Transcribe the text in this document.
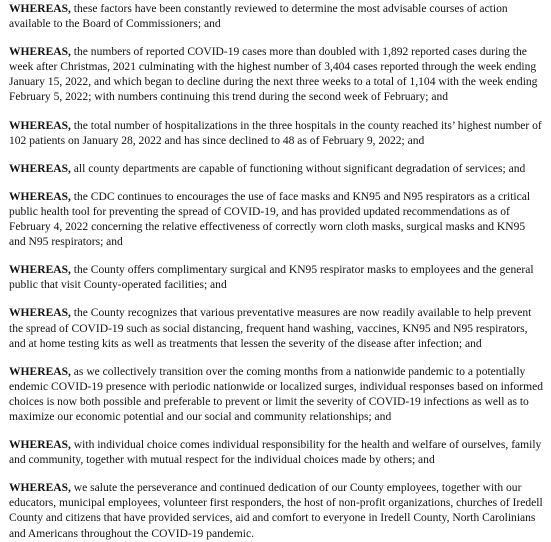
WHEREAS, these factors have been constantly reviewed to determine the most advisable courses of action available to the Board of Commissioners; and

WHEREAS, the numbers of reported COVID-19 cases more than doubled with 1,892 reported cases during the week after Christmas, 2021 culminating with the highest number of 3,404 cases reported through the week ending January 15, 2022, and which began to decline during the next three weeks to a total of 1,104 with the week ending February 5, 2022; with numbers continuing this trend during the second week of February; and

WHEREAS, the total number of hospitalizations in the three hospitals in the county reached its’ highest number of 102 patients on January 28, 2022 and has since declined to 48 as of February 9, 2022; and

WHEREAS, all county departments are capable of functioning without significant degradation of services; and

WHEREAS, the CDC continues to encourages the use of face masks and KN95 and N95 respirators as a critical public health tool for preventing the spread of COVID-19, and has provided updated recommendations as of February 4, 2022 concerning the relative effectiveness of correctly worn cloth masks, surgical masks and KN95 and N95 respirators; and

WHEREAS, the County offers complimentary surgical and KN95 respirator masks to employees and the general public that visit County-operated facilities; and

WHEREAS, the County recognizes that various preventative measures are now readily available to help prevent the spread of COVID-19 such as social distancing, frequent hand washing, vaccines, KN95 and N95 respirators, and at home testing kits as well as treatments that lessen the severity of the disease after infection; and

WHEREAS, as we collectively transition over the coming months from a nationwide pandemic to a potentially endemic COVID-19 presence with periodic nationwide or localized surges, individual responses based on informed choices is now both possible and preferable to prevent or limit the severity of COVID-19 infections as well as to maximize our economic potential and our social and community relationships; and

WHEREAS, with individual choice comes individual responsibility for the health and welfare of ourselves, family and community, together with mutual respect for the individual choices made by others; and

WHEREAS, we salute the perseverance and continued dedication of our County employees, together with our educators, municipal employees, volunteer first responders, the host of non-profit organizations, churches of Iredell County and citizens that have provided services, aid and comfort to everyone in Iredell County, North Carolinians and Americans throughout the COVID-19 pandemic.
